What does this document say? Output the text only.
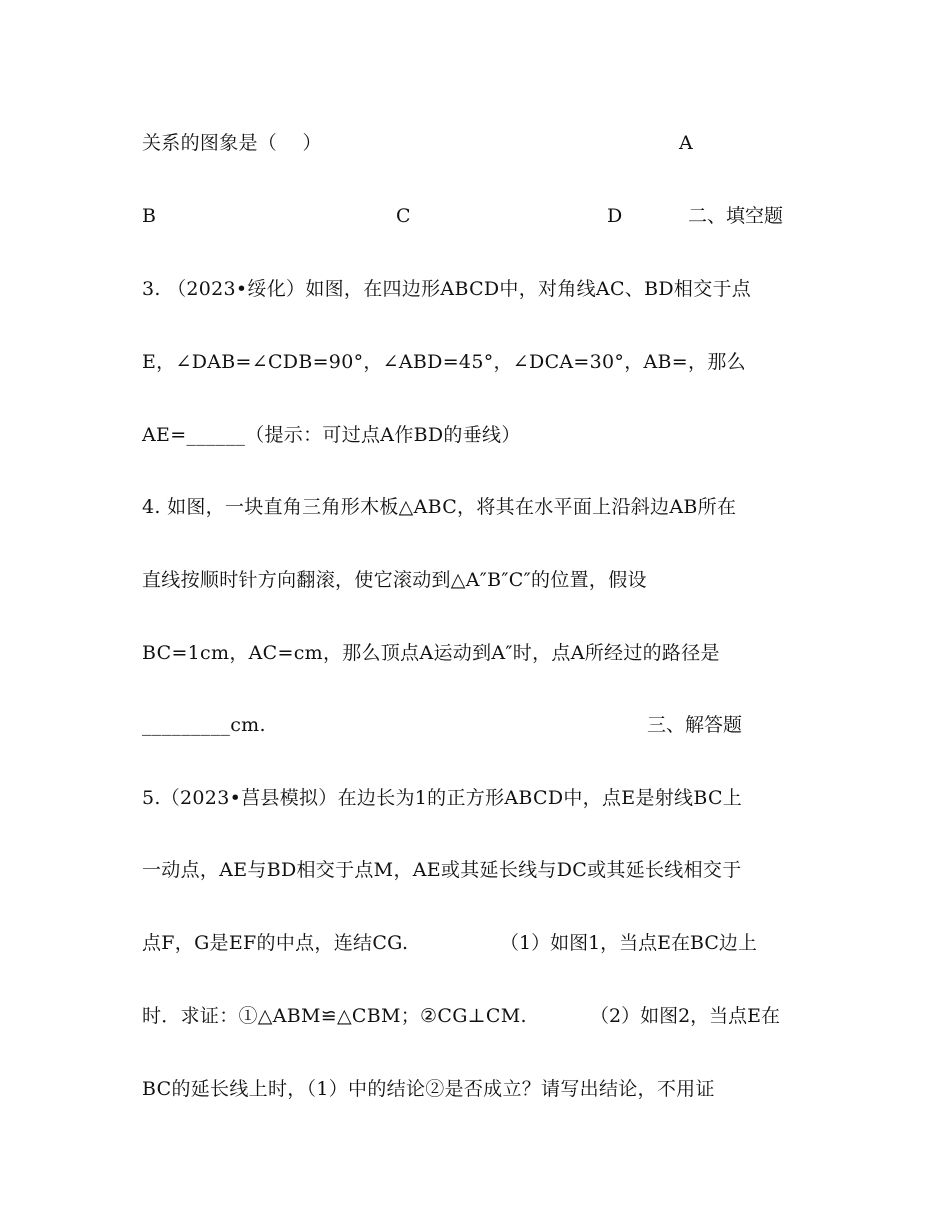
关系的图象是（    ）	A
B	C	D	二、填空题
3. （2023•绥化）如图，在四边形ABCD中，对角线AC、BD相交于点
E，∠DAB=∠CDB=90°，∠ABD=45°，∠DCA=30°，AB=，那么
AE=______（提示：可过点A作BD的垂线）
4. 如图，一块直角三角形木板△ABC，将其在水平面上沿斜边AB所在
直线按顺时针方向翻滚，使它滚动到△A″B″C″的位置，假设
BC=1cm，AC=cm，那么顶点A运动到A″时，点A所经过的路径是
_________cm.	三、解答题
5.（2023•莒县模拟）在边长为1的正方形ABCD中，点E是射线BC上
一动点，AE与BD相交于点M，AE或其延长线与DC或其延长线相交于
点F，G是EF的中点，连结CG.	（1）如图1，当点E在BC边上
时．求证：①△ABM≌△CBM；②CG⊥CM.	（2）如图2，当点E在
BC的延长线上时，（1）中的结论②是否成立？请写出结论，不用证
